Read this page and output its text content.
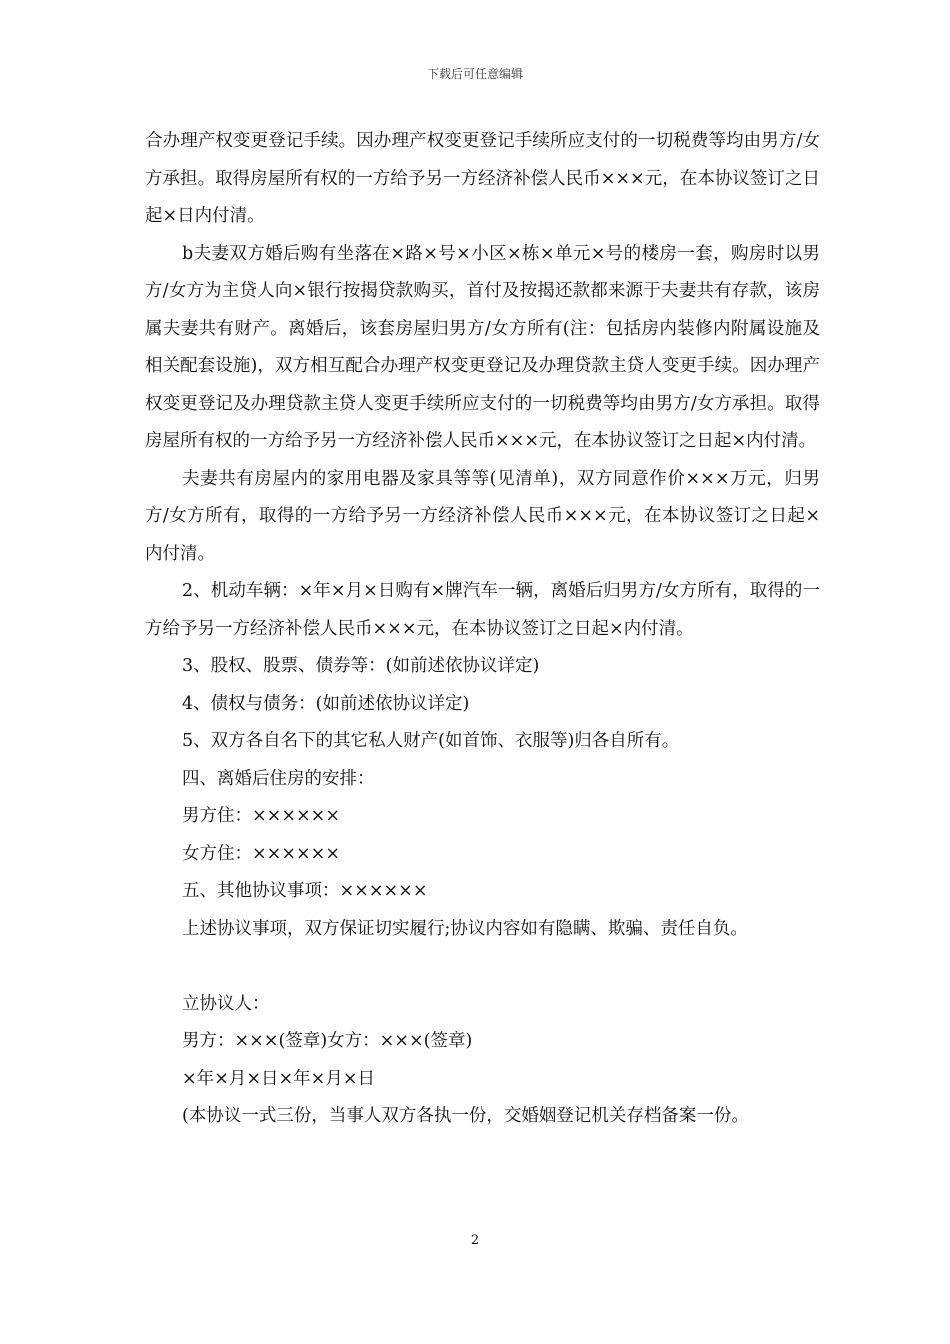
下载后可任意编辑

合办理产权变更登记手续。因办理产权变更登记手续所应支付的一切税费等均由男方/女方承担。取得房屋所有权的一方给予另一方经济补偿人民币×××元，在本协议签订之日起×日内付清。

b夫妻双方婚后购有坐落在×路×号×小区×栋×单元×号的楼房一套，购房时以男方/女方为主贷人向×银行按揭贷款购买，首付及按揭还款都来源于夫妻共有存款，该房属夫妻共有财产。离婚后，该套房屋归男方/女方所有(注：包括房内装修内附属设施及相关配套设施)，双方相互配合办理产权变更登记及办理贷款主贷人变更手续。因办理产权变更登记及办理贷款主贷人变更手续所应支付的一切税费等均由男方/女方承担。取得房屋所有权的一方给予另一方经济补偿人民币×××元，在本协议签订之日起×内付清。

夫妻共有房屋内的家用电器及家具等等(见清单)，双方同意作价×××万元，归男方/女方所有，取得的一方给予另一方经济补偿人民币×××元，在本协议签订之日起×内付清。

2、机动车辆：×年×月×日购有×牌汽车一辆，离婚后归男方/女方所有，取得的一方给予另一方经济补偿人民币×××元，在本协议签订之日起×内付清。

3、股权、股票、债券等：(如前述依协议详定)

4、债权与债务：(如前述依协议详定)

5、双方各自名下的其它私人财产(如首饰、衣服等)归各自所有。

四、离婚后住房的安排：

男方住：××××××

女方住：××××××

五、其他协议事项：××××××

上述协议事项，双方保证切实履行;协议内容如有隐瞒、欺骗、责任自负。

立协议人：

男方：×××(签章)女方：×××(签章)

×年×月×日×年×月×日

(本协议一式三份，当事人双方各执一份，交婚姻登记机关存档备案一份。

2
